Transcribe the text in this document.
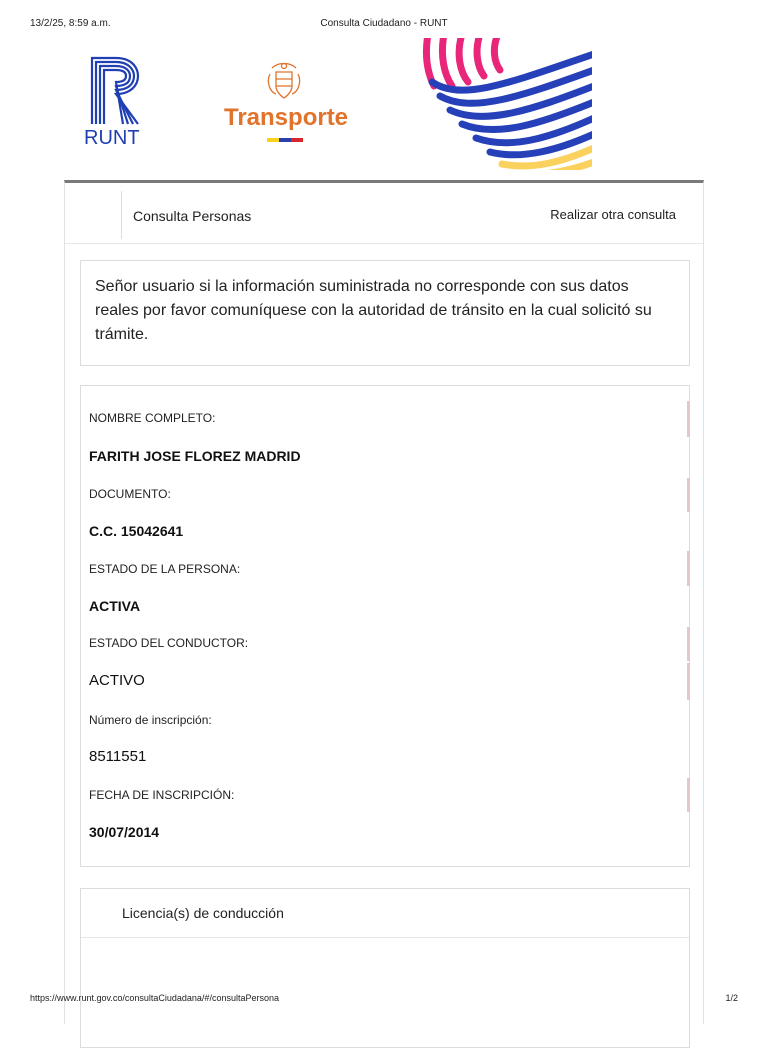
13/2/25, 8:59 a.m.	Consulta Ciudadano - RUNT
RUNT
Transporte
Consulta Personas	Realizar otra consulta
Señor usuario si la información suministrada no corresponde con sus datos reales por favor comuníquese con la autoridad de tránsito en la cual solicitó su trámite.
NOMBRE COMPLETO:
FARITH JOSE FLOREZ MADRID
DOCUMENTO:
C.C. 15042641
ESTADO DE LA PERSONA:
ACTIVA
ESTADO DEL CONDUCTOR:
ACTIVO
Número de inscripción:
8511551
FECHA DE INSCRIPCIÓN:
30/07/2014
Licencia(s) de conducción
https://www.runt.gov.co/consultaCiudadana/#/consultaPersona	1/2
